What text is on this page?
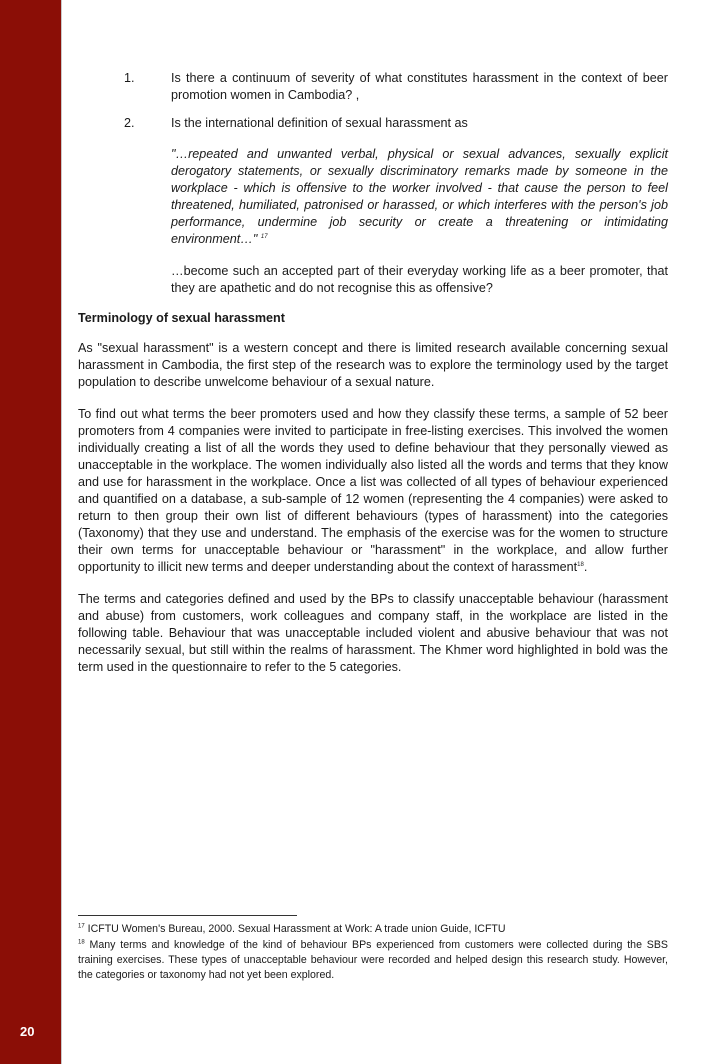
20
1.	Is there a continuum of severity of what constitutes harassment in the context of beer promotion women in Cambodia? ,

2.	Is the international definition of sexual harassment as

"…repeated and unwanted verbal, physical or sexual advances, sexually explicit derogatory statements, or sexually discriminatory remarks made by someone in the workplace - which is offensive to the worker involved - that cause the person to feel threatened, humiliated, patronised or harassed, or which interferes with the person's job performance, undermine job security or create a threatening or intimidating environment…" $^{17}$

…become such an accepted part of their everyday working life as a beer promoter, that they are apathetic and do not recognise this as offensive?

Terminology of sexual harassment

As "sexual harassment" is a western concept and there is limited research available concerning sexual harassment in Cambodia, the first step of the research was to explore the terminology used by the target population to describe unwelcome behaviour of a sexual nature.

To find out what terms the beer promoters used and how they classify these terms, a sample of 52 beer promoters from 4 companies were invited to participate in free-listing exercises. This involved the women individually creating a list of all the words they used to define behaviour that they personally viewed as unacceptable in the workplace. The women individually also listed all the words and terms that they know and use for harassment in the workplace. Once a list was collected of all types of behaviour experienced and quantified on a database, a sub-sample of 12 women (representing the 4 companies) were asked to return to then group their own list of different behaviours (types of harassment) into the categories (Taxonomy) that they use and understand. The emphasis of the exercise was for the women to structure their own terms for unacceptable behaviour or "harassment" in the workplace, and allow further opportunity to illicit new terms and deeper understanding about the context of harassment$^{18}$.

The terms and categories defined and used by the BPs to classify unacceptable behaviour (harassment and abuse) from customers, work colleagues and company staff, in the workplace are listed in the following table. Behaviour that was unacceptable included violent and abusive behaviour that was not necessarily sexual, but still within the realms of harassment. The Khmer word highlighted in bold was the term used in the questionnaire to refer to the 5 categories.

$^{17}$ ICFTU Women's Bureau, 2000. Sexual Harassment at Work: A trade union Guide, ICFTU

$^{18}$ Many terms and knowledge of the kind of behaviour BPs experienced from customers were collected during the SBS training exercises. These types of unacceptable behaviour were recorded and helped design this research study. However, the categories or taxonomy had not yet been explored.
